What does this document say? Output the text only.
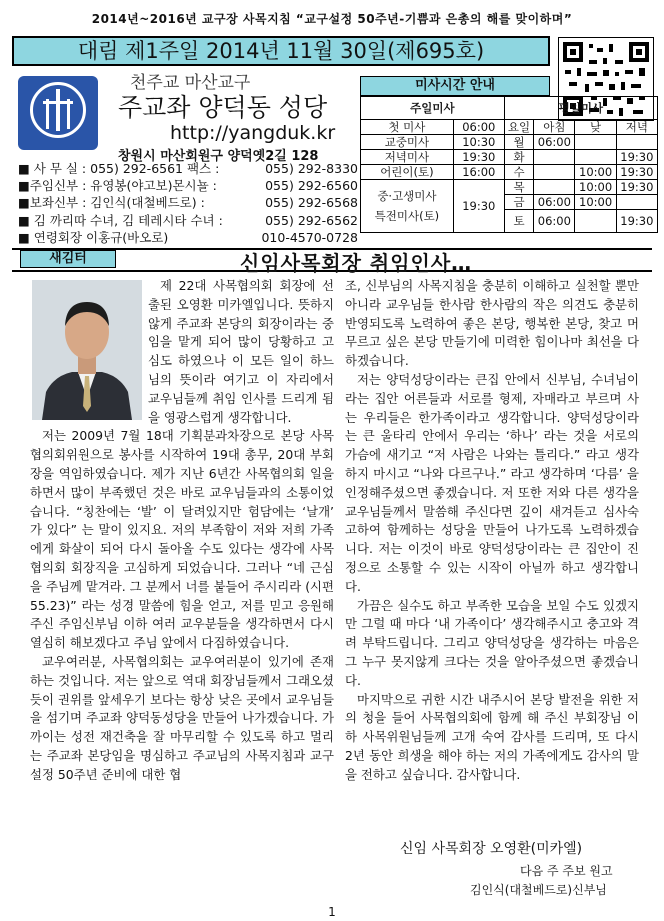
2014년~2016년 교구장 사목지침 “교구설정 50주년-기쁨과 은총의 해를 맞이하며”
대림 제1주일 2014년 11월 30일(제695호)
천주교 마산교구
주교좌 양덕동 성당
http://yangduk.kr
창원시 마산회원구 양덕옛2길 128
■ 사 무 실 : 055) 292-6561 팩스 :	055) 292-8330
■주임신부 : 유영봉(야고보)몬시뇰 :	055) 292-6560
■보좌신부 : 김인식(대철베드로) :	055) 292-6568
■ 김 까리따 수녀, 김 테레시타 수녀 :	055) 292-6562
■ 연령회장 이홍규(바오로)	010-4570-0728
미사시간 안내
주일미사		평일미사			
첫 미사	06:00	요일	아침	낮	저녁
교중미사	10:30	월	06:00		
저녁미사	19:30	화			19:30
어린이(토)	16:00	수		10:00	19:30
중·고생미사
특전미사(토)	19:30	목		10:00	19:30
		금	06:00	10:00	
		토	06:00		19:30
새김터	신임사목회장 취임인사…

제 22대 사목협의회 회장에 선출된 오영환 미카엘입니다. 뜻하지 않게 주교좌 본당의 회장이라는 중임을 맡게 되어 많이 당황하고 고심도 하였으나 이 모든 일이 하느님의 뜻이라 여기고 이 자리에서 교우님들께 취임 인사를 드리게 됨을 영광스럽게 생각합니다.

저는 2009년 7월 18대 기획분과차장으로 본당 사목협의회위원으로 봉사를 시작하여 19대 총무, 20대 부회장을 역임하였습니다. 제가 지난 6년간 사목협의회 일을 하면서 많이 부족했던 것은 바로 교우님들과의 소통이었습니다. “칭찬에는 ‘발’ 이 달려있지만 험담에는 ‘날개’ 가 있다” 는 말이 있지요. 저의 부족함이 저와 저희 가족에게 화살이 되어 다시 돌아올 수도 있다는 생각에 사목협의회 회장직을 고심하게 되었습니다. 그러나 “네 근심을 주님께 맡겨라. 그 분께서 너를 붙들어 주시리라 (시편 55.23)” 라는 성경 말씀에 힘을 얻고, 저를 믿고 응원해주신 주임신부님 이하 여러 교우분들을 생각하면서 다시 열심히 해보겠다고 주님 앞에서 다짐하였습니다.

교우여러분, 사목협의회는 교우여러분이 있기에 존재하는 것입니다. 저는 앞으로 역대 회장님들께서 그래오셨듯이 권위를 앞세우기 보다는 항상 낮은 곳에서 교우님들을 섬기며 주교좌 양덕동성당을 만들어 나가겠습니다. 가까이는 성전 재건축을 잘 마무리할 수 있도록 하고 멀리는 주교좌 본당임을 명심하고 주교님의 사목지침과 교구 설정 50주년 준비에 대한 협

조, 신부님의 사목지침을 충분히 이해하고 실천할 뿐만 아니라 교우님들 한사람 한사람의 작은 의견도 충분히 반영되도록 노력하여 좋은 본당, 행복한 본당, 찾고 머무르고 싶은 본당 만들기에 미력한 힘이나마 최선을 다하겠습니다.

저는 양덕성당이라는 큰집 안에서 신부님, 수녀님이라는 집안 어른들과 서로를 형제, 자매라고 부르며 사는 우리들은 한가족이라고 생각합니다. 양덕성당이라는 큰 울타리 안에서 우리는 ‘하나’ 라는 것을 서로의 가슴에 새기고 “저 사람은 나와는 틀리다.” 라고 생각하지 마시고 “나와 다르구나.” 라고 생각하며 ‘다름’ 을 인정해주셨으면 좋겠습니다. 저 또한 저와 다른 생각을 교우님들께서 말씀해 주신다면 깊이 새겨듣고 심사숙고하여 함께하는 성당을 만들어 나가도록 노력하겠습니다. 저는 이것이 바로 양덕성당이라는 큰 집안이 진정으로 소통할 수 있는 시작이 아닐까 하고 생각합니다.

가끔은 실수도 하고 부족한 모습을 보일 수도 있겠지만 그럴 때 마다 ‘내 가족이다’ 생각해주시고 충고와 격려 부탁드립니다. 그리고 양덕성당을 생각하는 마음은 그 누구 못지않게 크다는 것을 알아주셨으면 좋겠습니다.

마지막으로 귀한 시간 내주시어 본당 발전을 위한 저의 청을 들어 사목협의회에 함께 해 주신 부회장님 이하 사목위원님들께 고개 숙여 감사를 드리며, 또 다시 2년 동안 희생을 해야 하는 저의 가족에게도 감사의 말을 전하고 싶습니다. 감사합니다.

신임 사목회장 오영환(미카엘)
다음 주 주보 원고
김인식(대철베드로)신부님
1
